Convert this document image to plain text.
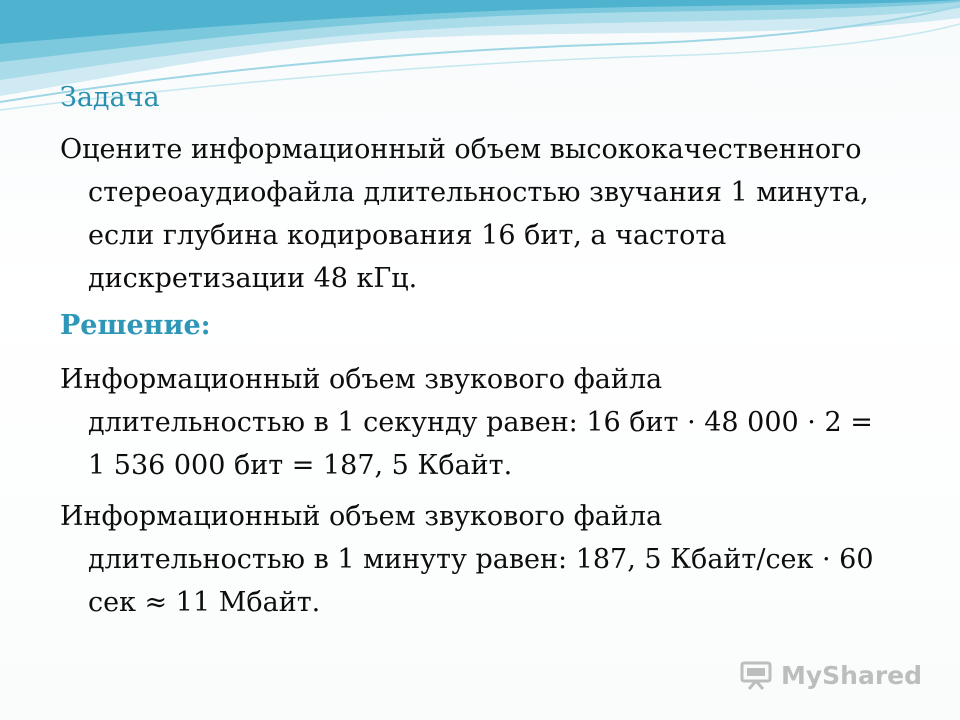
Задача

Оцените информационный объем высококачественного стереоаудиофайла длительностью звучания 1 минута, если глубина кодирования 16 бит, а частота дискретизации 48 кГц.

Решение:

Информационный объем звукового файла длительностью в 1 секунду равен: 16 бит · 48 000 · 2 = 1 536 000 бит = 187, 5 Кбайт.

Информационный объем звукового файла длительностью в 1 минуту равен: 187, 5 Кбайт/сек · 60 сек ≈ 11 Мбайт.

MyShared
